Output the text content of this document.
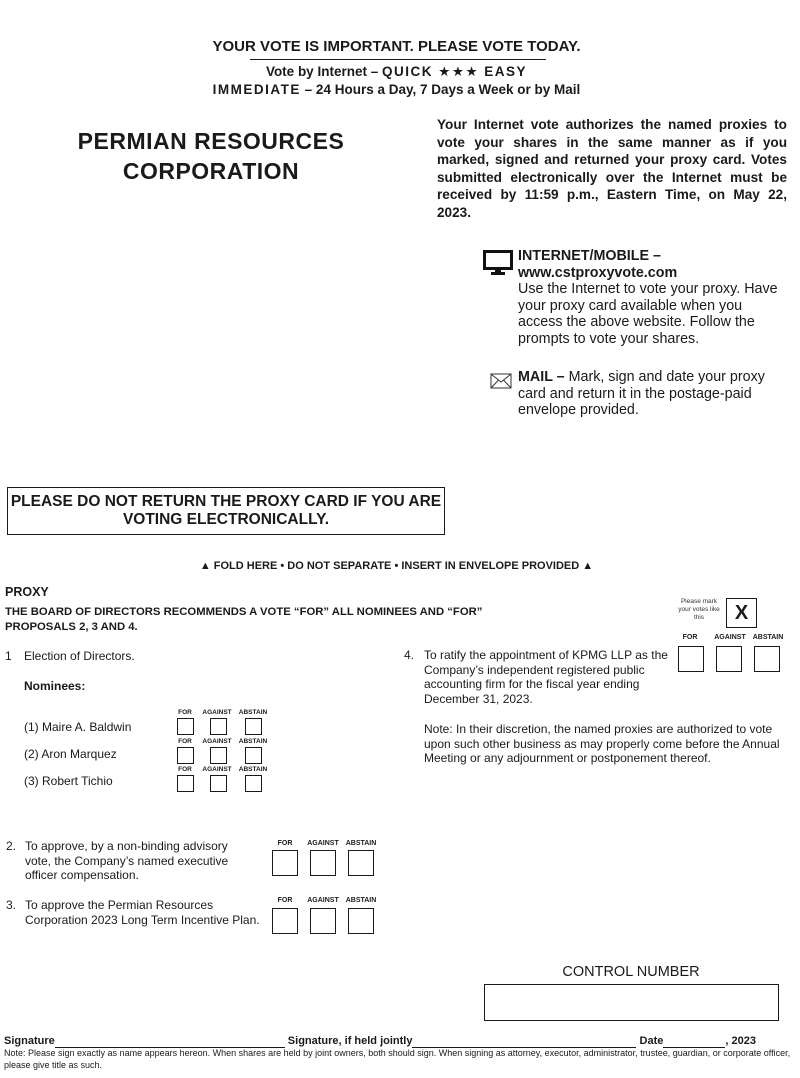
YOUR VOTE IS IMPORTANT. PLEASE VOTE TODAY.
Vote by Internet – QUICK ★★★ EASY
IMMEDIATE – 24 Hours a Day, 7 Days a Week or by Mail
PERMIAN RESOURCES
CORPORATION
Your Internet vote authorizes the named proxies to vote your shares in the same manner as if you marked, signed and returned your proxy card. Votes submitted electronically over the Internet must be received by 11:59 p.m., Eastern Time, on May 22, 2023.
INTERNET/MOBILE –
www.cstproxyvote.com
Use the Internet to vote your proxy. Have your proxy card available when you access the above website. Follow the prompts to vote your shares.
MAIL – Mark, sign and date your proxy card and return it in the postage-paid envelope provided.
PLEASE DO NOT RETURN THE PROXY CARD IF YOU ARE VOTING ELECTRONICALLY.
▲ FOLD HERE • DO NOT SEPARATE • INSERT IN ENVELOPE PROVIDED ▲
PROXY
THE BOARD OF DIRECTORS RECOMMENDS A VOTE “FOR” ALL NOMINEES AND “FOR” PROPOSALS 2, 3 AND 4.
Please mark your votes like this	X
FOR	AGAINST ABSTAIN
1 Election of Directors.
Nominees:
FOR	AGAINST	ABSTAIN
(1) Maire A. Baldwin
FOR	AGAINST	ABSTAIN
(2) Aron Marquez
FOR	AGAINST	ABSTAIN
(3) Robert Tichio
2. To approve, by a non-binding advisory vote, the Company’s named executive officer compensation.
FOR	AGAINST ABSTAIN
3. To approve the Permian Resources Corporation 2023 Long Term Incentive Plan.
FOR	AGAINST ABSTAIN
4. To ratify the appointment of KPMG LLP as the Company’s independent registered public accounting firm for the fiscal year ending December 31, 2023.
Note: In their discretion, the named proxies are authorized to vote upon such other business as may properly come before the Annual Meeting or any adjournment or postponement thereof.
CONTROL NUMBER
Signature	Signature, if held jointly	Date	, 2023
Note: Please sign exactly as name appears hereon. When shares are held by joint owners, both should sign. When signing as attorney, executor, administrator, trustee, guardian, or corporate officer, please give title as such.
